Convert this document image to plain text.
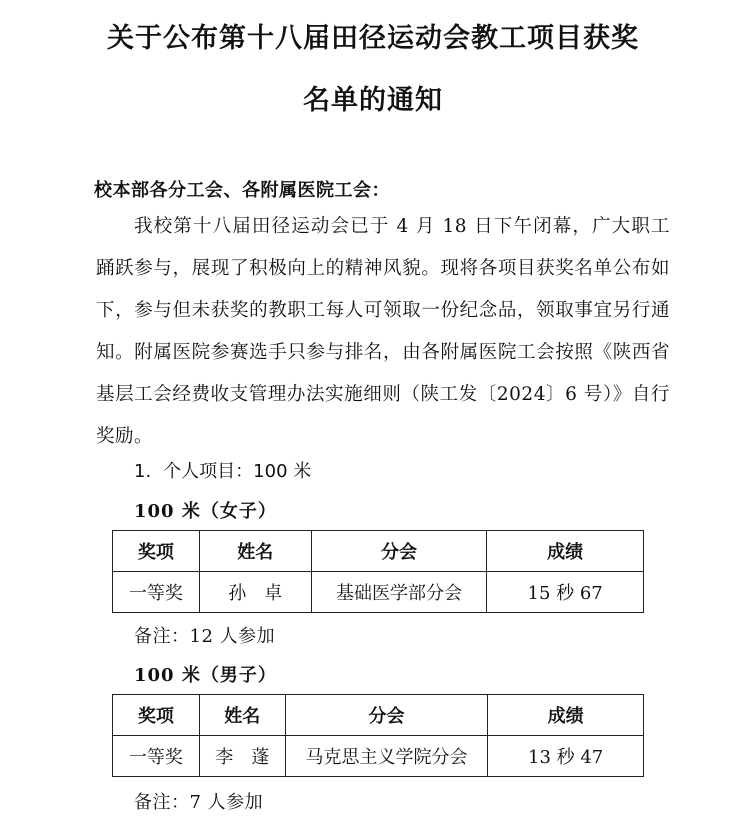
关于公布第十八届田径运动会教工项目获奖
名单的通知
校本部各分工会、各附属医院工会：
我校第十八届田径运动会已于 4 月 18 日下午闭幕，广大职工踊跃参与，展现了积极向上的精神风貌。现将各项目获奖名单公布如下，参与但未获奖的教职工每人可领取一份纪念品，领取事宜另行通知。附属医院参赛选手只参与排名，由各附属医院工会按照《陕西省基层工会经费收支管理办法实施细则（陕工发〔2024〕6 号）》自行奖励。
1. 个人项目：100 米
100 米（女子）
奖项	姓名	分会	成绩
一等奖	孙　卓	基础医学部分会	15 秒 67
备注：12 人参加
100 米（男子）
奖项	姓名	分会	成绩
一等奖	李　蓬	马克思主义学院分会	13 秒 47
备注：7 人参加
